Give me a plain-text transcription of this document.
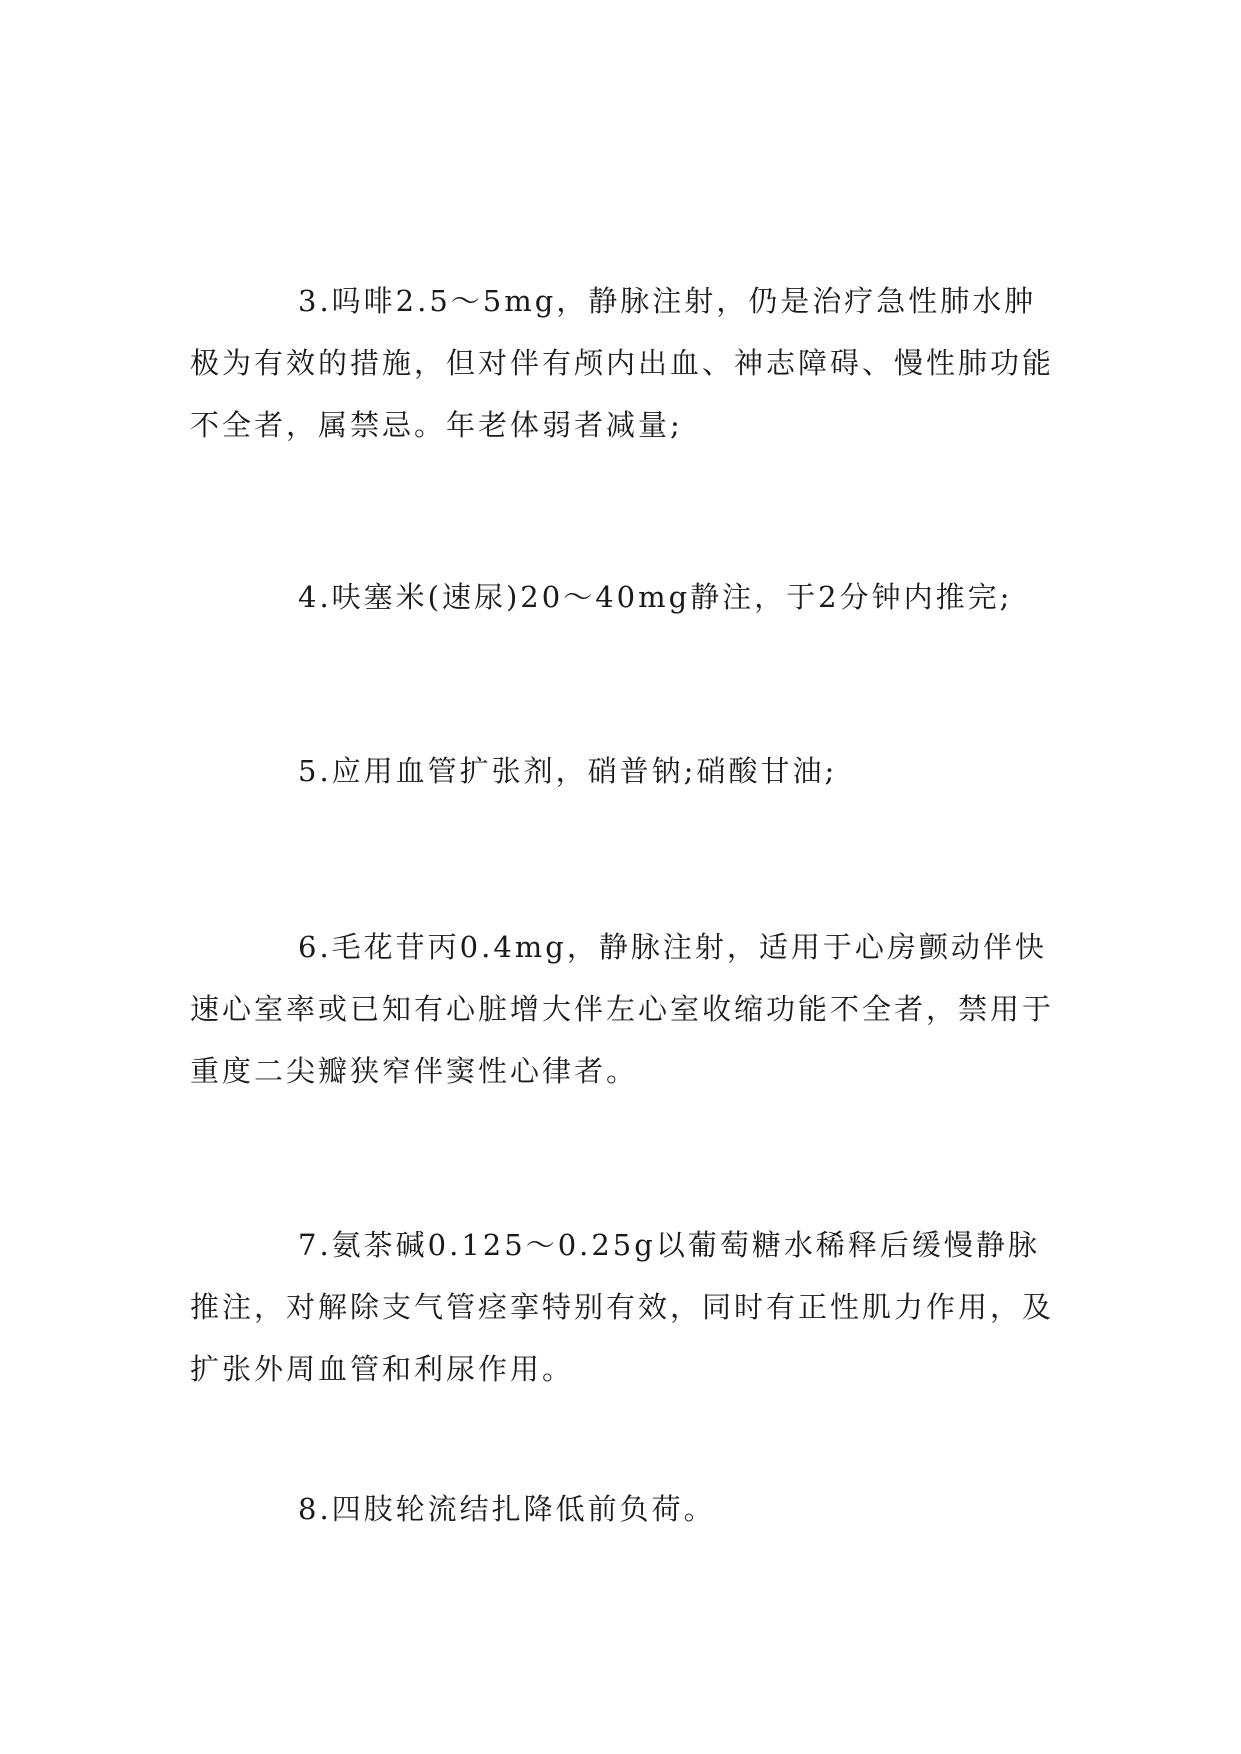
3.吗啡2.5～5mg，静脉注射，仍是治疗急性肺水肿极为有效的措施，但对伴有颅内出血、神志障碍、慢性肺功能不全者，属禁忌。年老体弱者减量;

4.呋塞米(速尿)20～40mg静注，于2分钟内推完;

5.应用血管扩张剂，硝普钠;硝酸甘油;

6.毛花苷丙0.4mg，静脉注射，适用于心房颤动伴快速心室率或已知有心脏增大伴左心室收缩功能不全者，禁用于重度二尖瓣狭窄伴窦性心律者。

7.氨茶碱0.125～0.25g以葡萄糖水稀释后缓慢静脉推注，对解除支气管痉挛特别有效，同时有正性肌力作用，及扩张外周血管和利尿作用。

8.四肢轮流结扎降低前负荷。
